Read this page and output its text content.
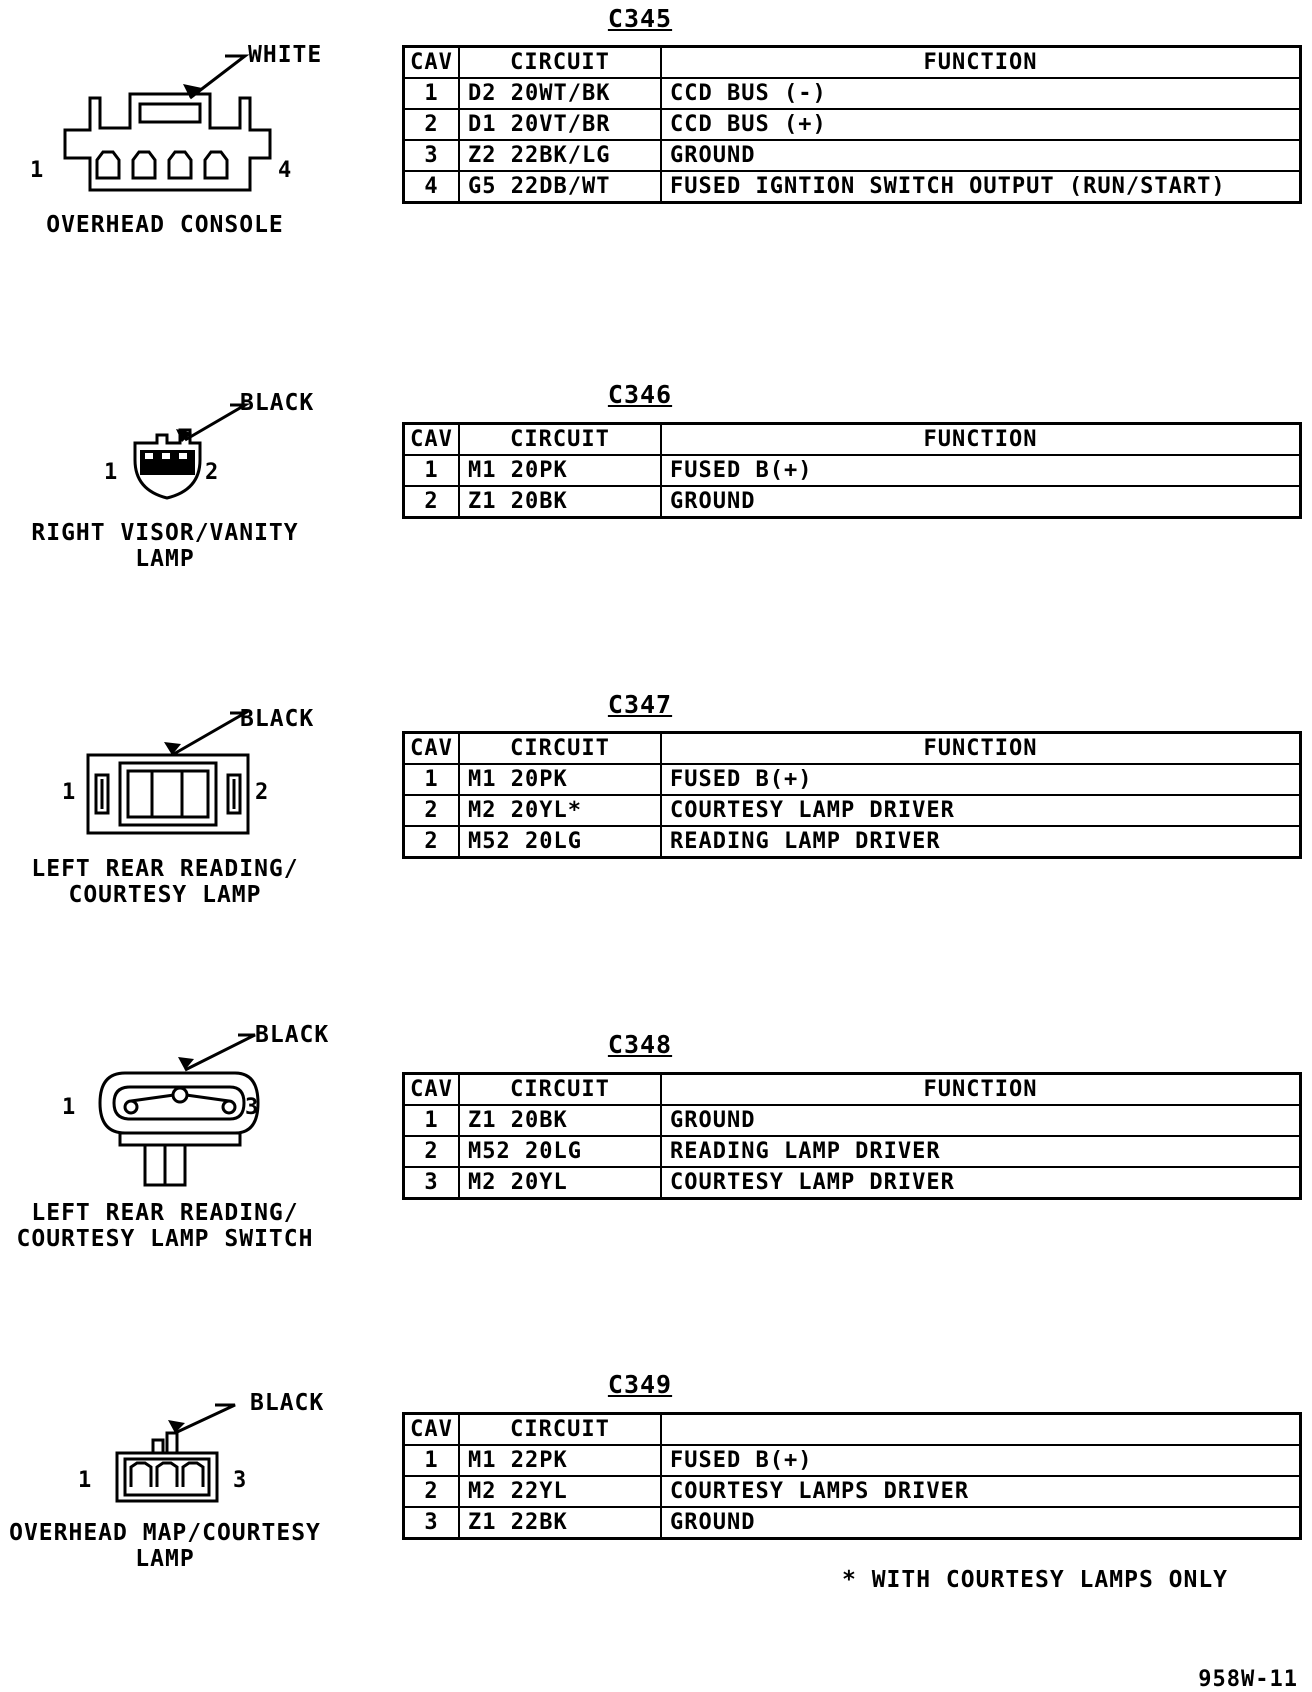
WHITE
1	4
OVERHEAD CONSOLE
C345
CAV	CIRCUIT	FUNCTION
1	D2 20WT/BK	CCD BUS (-)
2	D1 20VT/BR	CCD BUS (+)
3	Z2 22BK/LG	GROUND
4	G5 22DB/WT	FUSED IGNTION SWITCH OUTPUT (RUN/START)
BLACK
1	2
RIGHT VISOR/VANITY LAMP
C346
CAV	CIRCUIT	FUNCTION
1	M1 20PK	FUSED B(+)
2	Z1 20BK	GROUND
BLACK
1	2
LEFT REAR READING/
COURTESY LAMP
C347
CAV	CIRCUIT	FUNCTION
1	M1 20PK	FUSED B(+)
2	M2 20YL*	COURTESY LAMP DRIVER
2	M52 20LG	READING LAMP DRIVER
BLACK
1	3
LEFT REAR READING/
COURTESY LAMP SWITCH
C348
CAV	CIRCUIT	FUNCTION
1	Z1 20BK	GROUND
2	M52 20LG	READING LAMP DRIVER
3	M2 20YL	COURTESY LAMP DRIVER
BLACK
1	3
OVERHEAD MAP/COURTESY
LAMP
C349
CAV	CIRCUIT	
1	M1 22PK	FUSED B(+)
2	M2 22YL	COURTESY LAMPS DRIVER
3	Z1 22BK	GROUND
* WITH COURTESY LAMPS ONLY
958W-11
